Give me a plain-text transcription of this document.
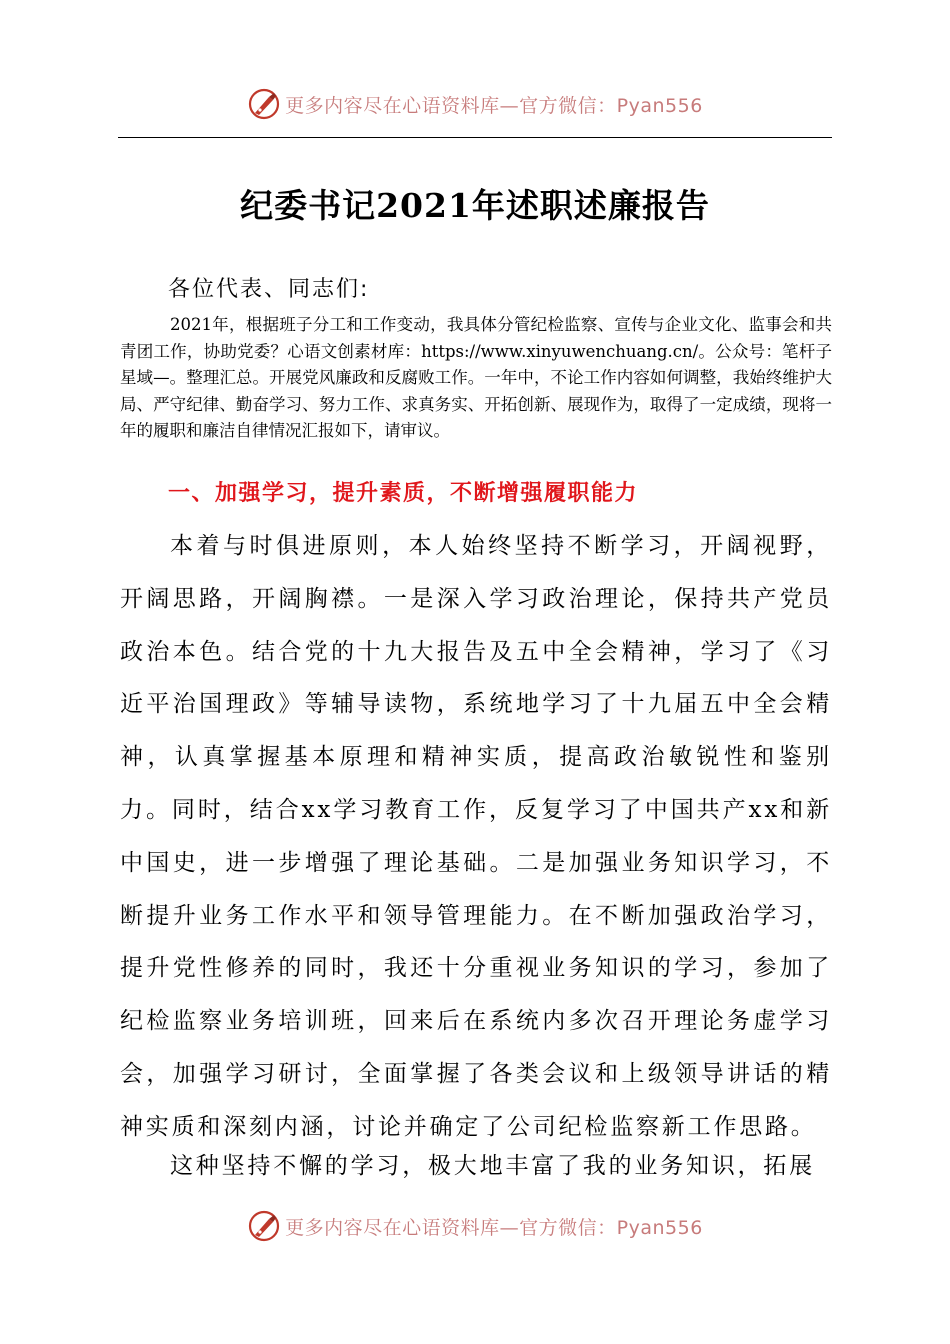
更多内容尽在心语资料库—官方微信：Pyan556
纪委书记2021年述职述廉报告
各位代表、同志们:
2021年，根据班子分工和工作变动，我具体分管纪检监察、宣传与企业文化、监事会和共青团工作，协助党委？心语文创素材库：https://www.xinyuwenchuang.cn/。公众号：笔杆子星域—。整理汇总。开展党风廉政和反腐败工作。一年中，不论工作内容如何调整，我始终维护大局、严守纪律、勤奋学习、努力工作、求真务实、开拓创新、展现作为，取得了一定成绩，现将一年的履职和廉洁自律情况汇报如下，请审议。
一、加强学习，提升素质，不断增强履职能力
本着与时俱进原则，本人始终坚持不断学习，开阔视野，开阔思路，开阔胸襟。一是深入学习政治理论，保持共产党员政治本色。结合党的十九大报告及五中全会精神，学习了《习近平治国理政》等辅导读物，系统地学习了十九届五中全会精神，认真掌握基本原理和精神实质，提高政治敏锐性和鉴别力。同时，结合xx学习教育工作，反复学习了中国共产xx和新中国史，进一步增强了理论基础。二是加强业务知识学习，不断提升业务工作水平和领导管理能力。在不断加强政治学习，提升党性修养的同时，我还十分重视业务知识的学习，参加了纪检监察业务培训班，回来后在系统内多次召开理论务虚学习会，加强学习研讨，全面掌握了各类会议和上级领导讲话的精神实质和深刻内涵，讨论并确定了公司纪检监察新工作思路。
这种坚持不懈的学习，极大地丰富了我的业务知识，拓展
更多内容尽在心语资料库—官方微信：Pyan556
